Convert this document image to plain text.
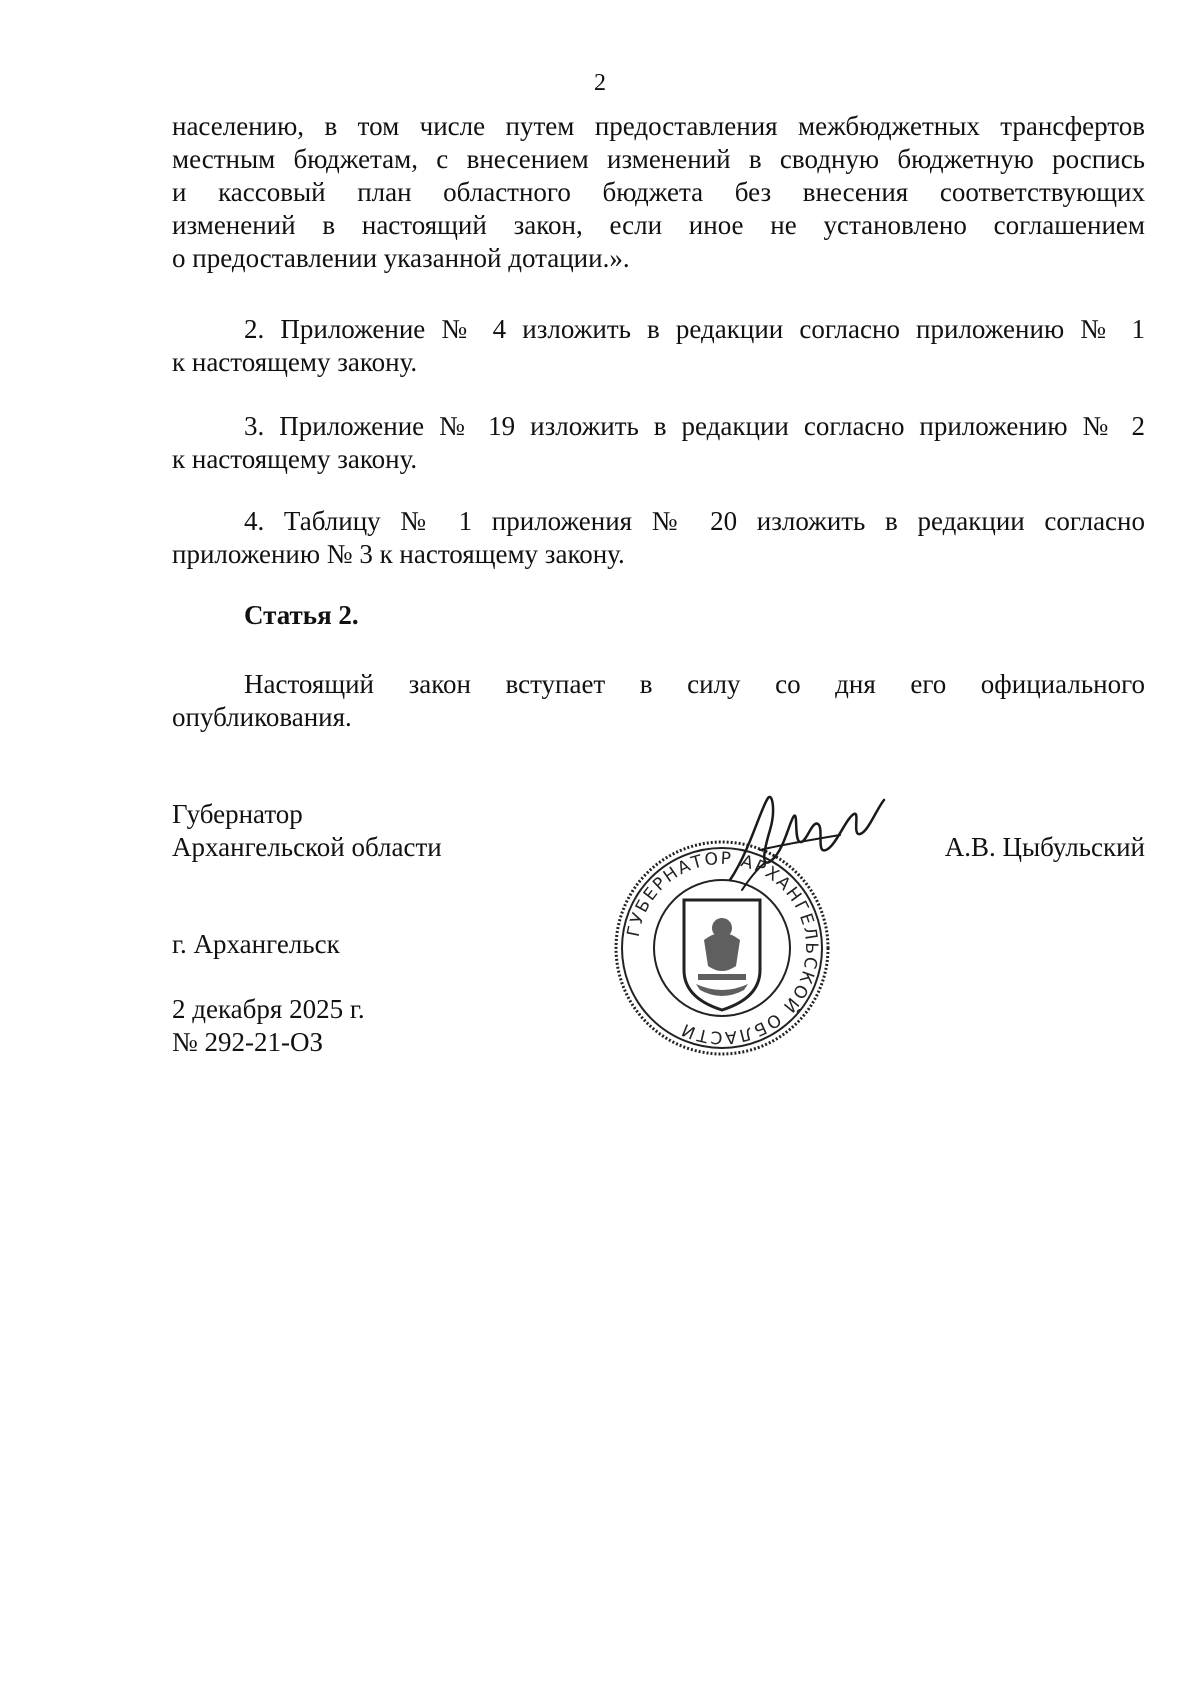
2
населению, в том числе путем предоставления межбюджетных трансфертов
местным бюджетам, с внесением изменений в сводную бюджетную роспись
и кассовый план областного бюджета без внесения соответствующих
изменений в настоящий закон, если иное не установлено соглашением
о предоставлении указанной дотации.».
2. Приложение № 4 изложить в редакции согласно приложению № 1
к настоящему закону.
3. Приложение № 19 изложить в редакции согласно приложению № 2
к настоящему закону.
4. Таблицу № 1 приложения № 20 изложить в редакции согласно
приложению № 3 к настоящему закону.
Статья 2.
Настоящий закон вступает в силу со дня его официального
опубликования.
Губернатор
Архангельской области	А.В. Цыбульский
ГУБЕРНАТОР АРХАНГЕЛЬСКОЙ ОБЛАСТИ
г. Архангельск
2 декабря 2025 г.
№ 292-21-ОЗ
